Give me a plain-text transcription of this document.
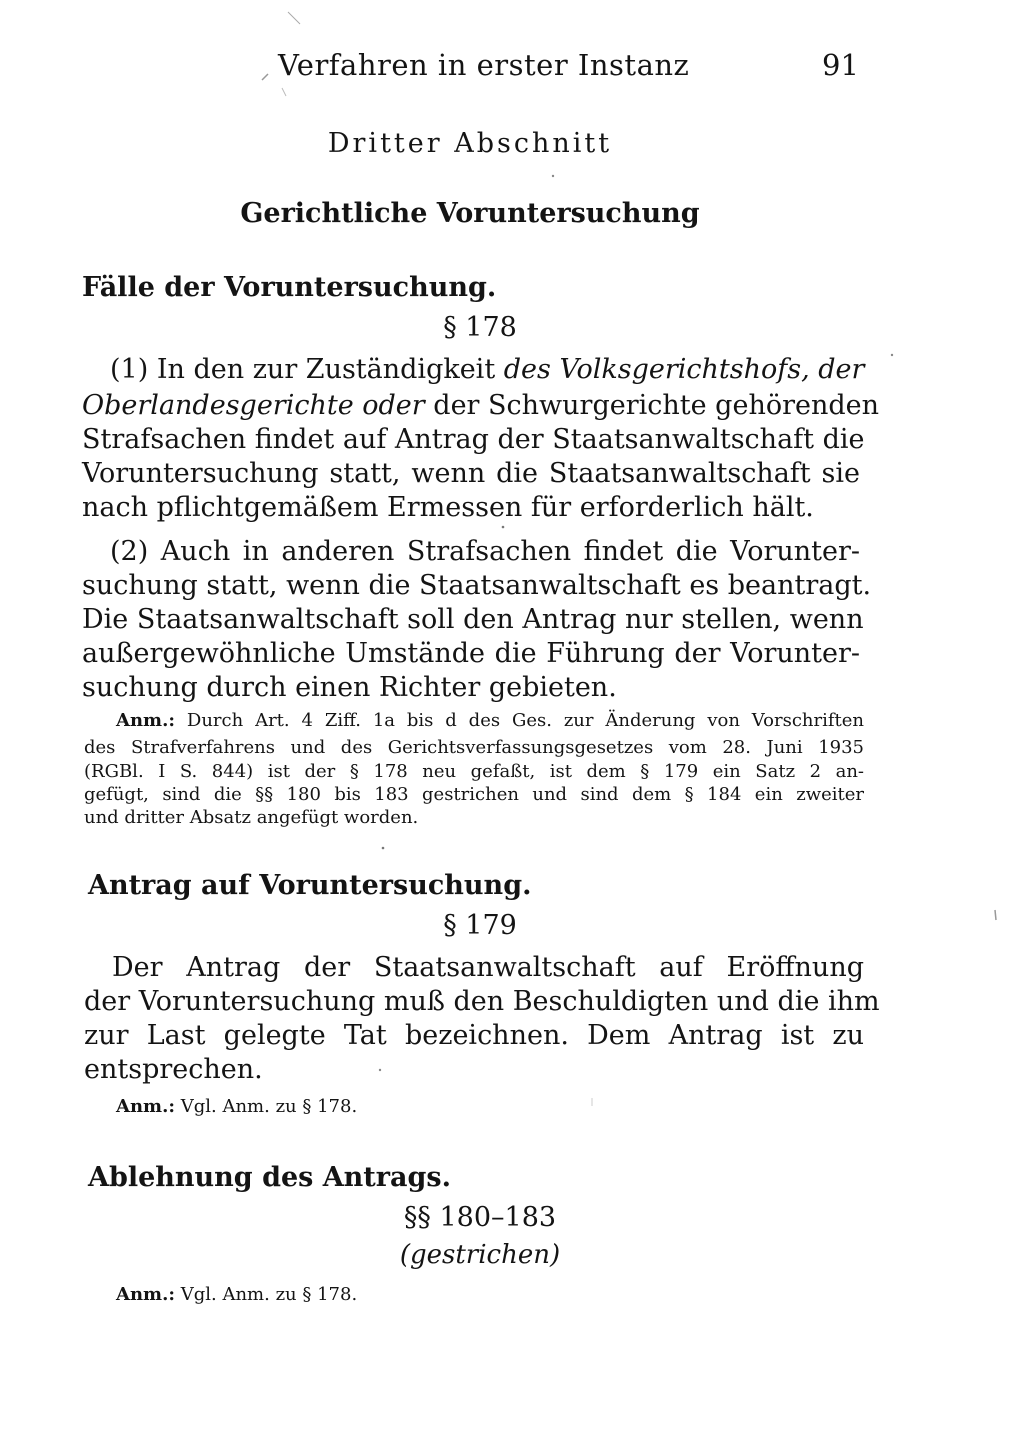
Verfahren in erster Instanz	91
Dritter Abschnitt
Gerichtliche Voruntersuchung
Fälle der Voruntersuchung.
§ 178
(1) In den zur Zuständigkeit des Volksgerichtshofs, der
Oberlandesgerichte oder der Schwurgerichte gehörenden
Strafsachen findet auf Antrag der Staatsanwaltschaft die
Voruntersuchung statt, wenn die Staatsanwaltschaft sie
nach pflichtgemäßem Ermessen für erforderlich hält.
(2) Auch in anderen Strafsachen findet die Vorunter-
suchung statt, wenn die Staatsanwaltschaft es beantragt.
Die Staatsanwaltschaft soll den Antrag nur stellen, wenn
außergewöhnliche Umstände die Führung der Vorunter-
suchung durch einen Richter gebieten.
Anm.: Durch Art. 4 Ziff. 1a bis d des Ges. zur Änderung von Vorschriften
des Strafverfahrens und des Gerichtsverfassungsgesetzes vom 28. Juni 1935
(RGBl. I S. 844) ist der § 178 neu gefaßt, ist dem § 179 ein Satz 2 an-
gefügt, sind die §§ 180 bis 183 gestrichen und sind dem § 184 ein zweiter
und dritter Absatz angefügt worden.
Antrag auf Voruntersuchung.
§ 179
Der Antrag der Staatsanwaltschaft auf Eröffnung
der Voruntersuchung muß den Beschuldigten und die ihm
zur Last gelegte Tat bezeichnen. Dem Antrag ist zu
entsprechen.
Anm.: Vgl. Anm. zu § 178.
Ablehnung des Antrags.
§§ 180–183
(gestrichen)
Anm.: Vgl. Anm. zu § 178.
